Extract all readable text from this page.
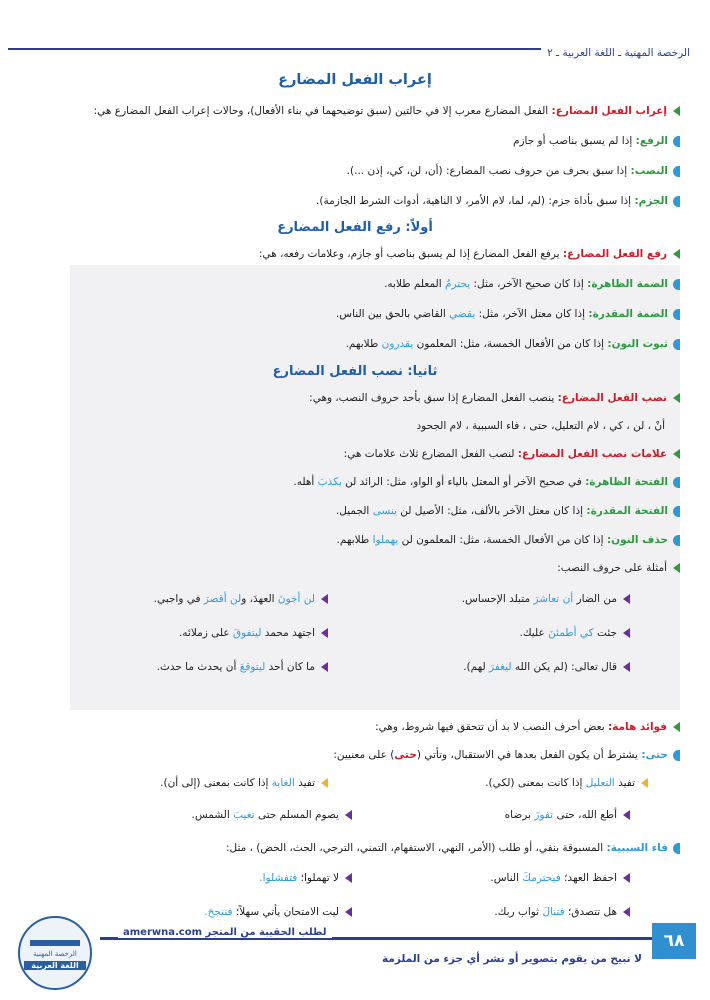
الرخصة المهنية ـ اللغة العربية ـ ٢
إعراب الفعل المضارع
إعراب الفعل المضارع: الفعل المضارع معرب إلا في حالتين (سبق توضيحهما في بناء الأفعال)، وحالات إعراب الفعل المضارع هي:
الرفع: إذا لم يسبق بناصب أو جازم
النصب: إذا سبق بحرف من حروف نصب المضارع: (أن، لن، كي، إذن ...).
الجزم: إذا سبق بأداة جزم: (لم، لما، لام الأمر، لا الناهية، أدوات الشرط الجازمة).
أولاً: رفع الفعل المضارع
رفع الفعل المضارع: يرفع الفعل المضارع إذا لم يسبق بناصب أو جازم، وعلامات رفعه، هي:
الضمة الظاهرة: إذا كان صحيح الآخر، مثل: يحترمُ المعلم طلابه.
الضمة المقدرة: إذا كان معتل الآخر، مثل: يقضي القاضي بالحق بين الناس.
ثبوت النون: إذا كان من الأفعال الخمسة، مثل: المعلمون يقدرون طلابهم.
ثانيا: نصب الفعل المضارع
نصب الفعل المضارع: ينصب الفعل المضارع إذا سبق بأحد حروف النصب، وهي:
أنْ ، لن ، كي ، لام التعليل، حتى ، فاء السببية ، لام الجحود
علامات نصب الفعل المضارع: لنصب الفعل المضارع ثلاث علامات هي:
الفتحة الظاهرة: في صحيح الآخر أو المعتل بالياء أو الواو، مثل: الرائد لن يكذبَ أهله.
الفتحة المقدرة: إذا كان معتل الآخر بالألف، مثل: الأصيل لن ينسى الجميل.
حذف النون: إذا كان من الأفعال الخمسة، مثل: المعلمون لن يهملوا طلابهم.
أمثلة على حروف النصب:
من الضار أن تعاشرَ متبلد الإحساس.
لن أخونَ العهدَ، ولن أقصرَ في واجبي.
جئت كي أطمئنَ عليك.
اجتهد محمد ليتفوقَ على زملائه.
قال تعالى: (لم يكن الله ليغفرَ لهم).
ما كان أحد ليتوقعَ أن يحدث ما حدث.
فوائد هامة: بعض أحرف النصب لا بد أن تتحقق فيها شروط، وهي:
حتى: يشترط أن يكون الفعل بعدها في الاستقبال، وتأتي (حتى) على معنيين:
تفيد التعليل إذا كانت بمعنى (لكي).
تفيد الغاية إذا كانت بمعنى (إلى أن).
أطع الله، حتى تفوزَ برضاه
يصوم المسلم حتى تغيبَ الشمس.
فاء السببية: المسبوقة بنفي، أو طلب (الأمر، النهي، الاستفهام، التمني، الترجي، الحث، الحض) ، مثل:
احفظ العهد؛ فيحترمكَ الناس.
لا تهملوا؛ فتفشلوا.
هل تتصدق؛ فتنالَ ثواب ربك.
ليت الامتحان يأتي سهلاً؛ فننجحَ.
amerwna.com لطلب الحقيبة من المتجر	٦٨
لا نبيح من يقوم بتصوير أو نشر أي جزء من الملزمة
الرخصة المهنية
اللغة العربية
